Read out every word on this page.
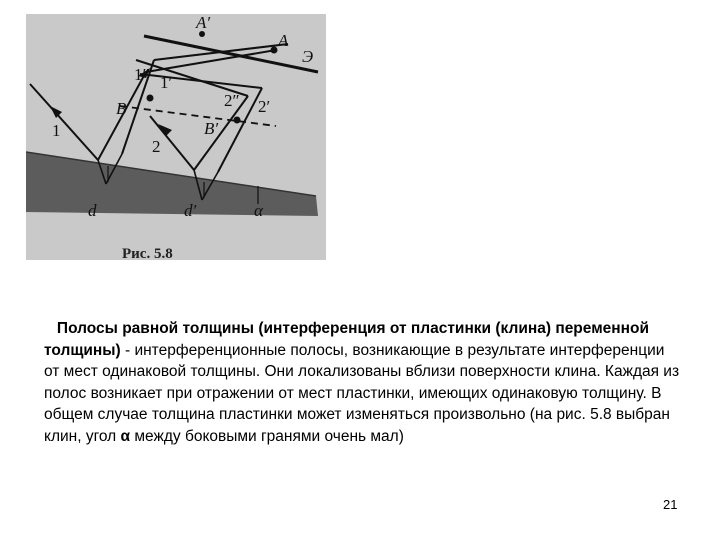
A′
A
Э
1″ 1′
B	2″ 2′
B′
1
2
d	d′	α
Рис. 5.8

Полосы равной толщины (интерференция от пластинки (клина) переменной толщины) - интерференционные полосы, возникающие в результате интерференции от мест одинаковой толщины. Они локализованы вблизи поверхности клина. Каждая из полос возникает при отражении от мест пластинки, имеющих одинаковую толщину. В общем случае толщина пластинки может изменяться произвольно (на рис. 5.8 выбран клин, угол α между боковыми гранями очень мал)

21
